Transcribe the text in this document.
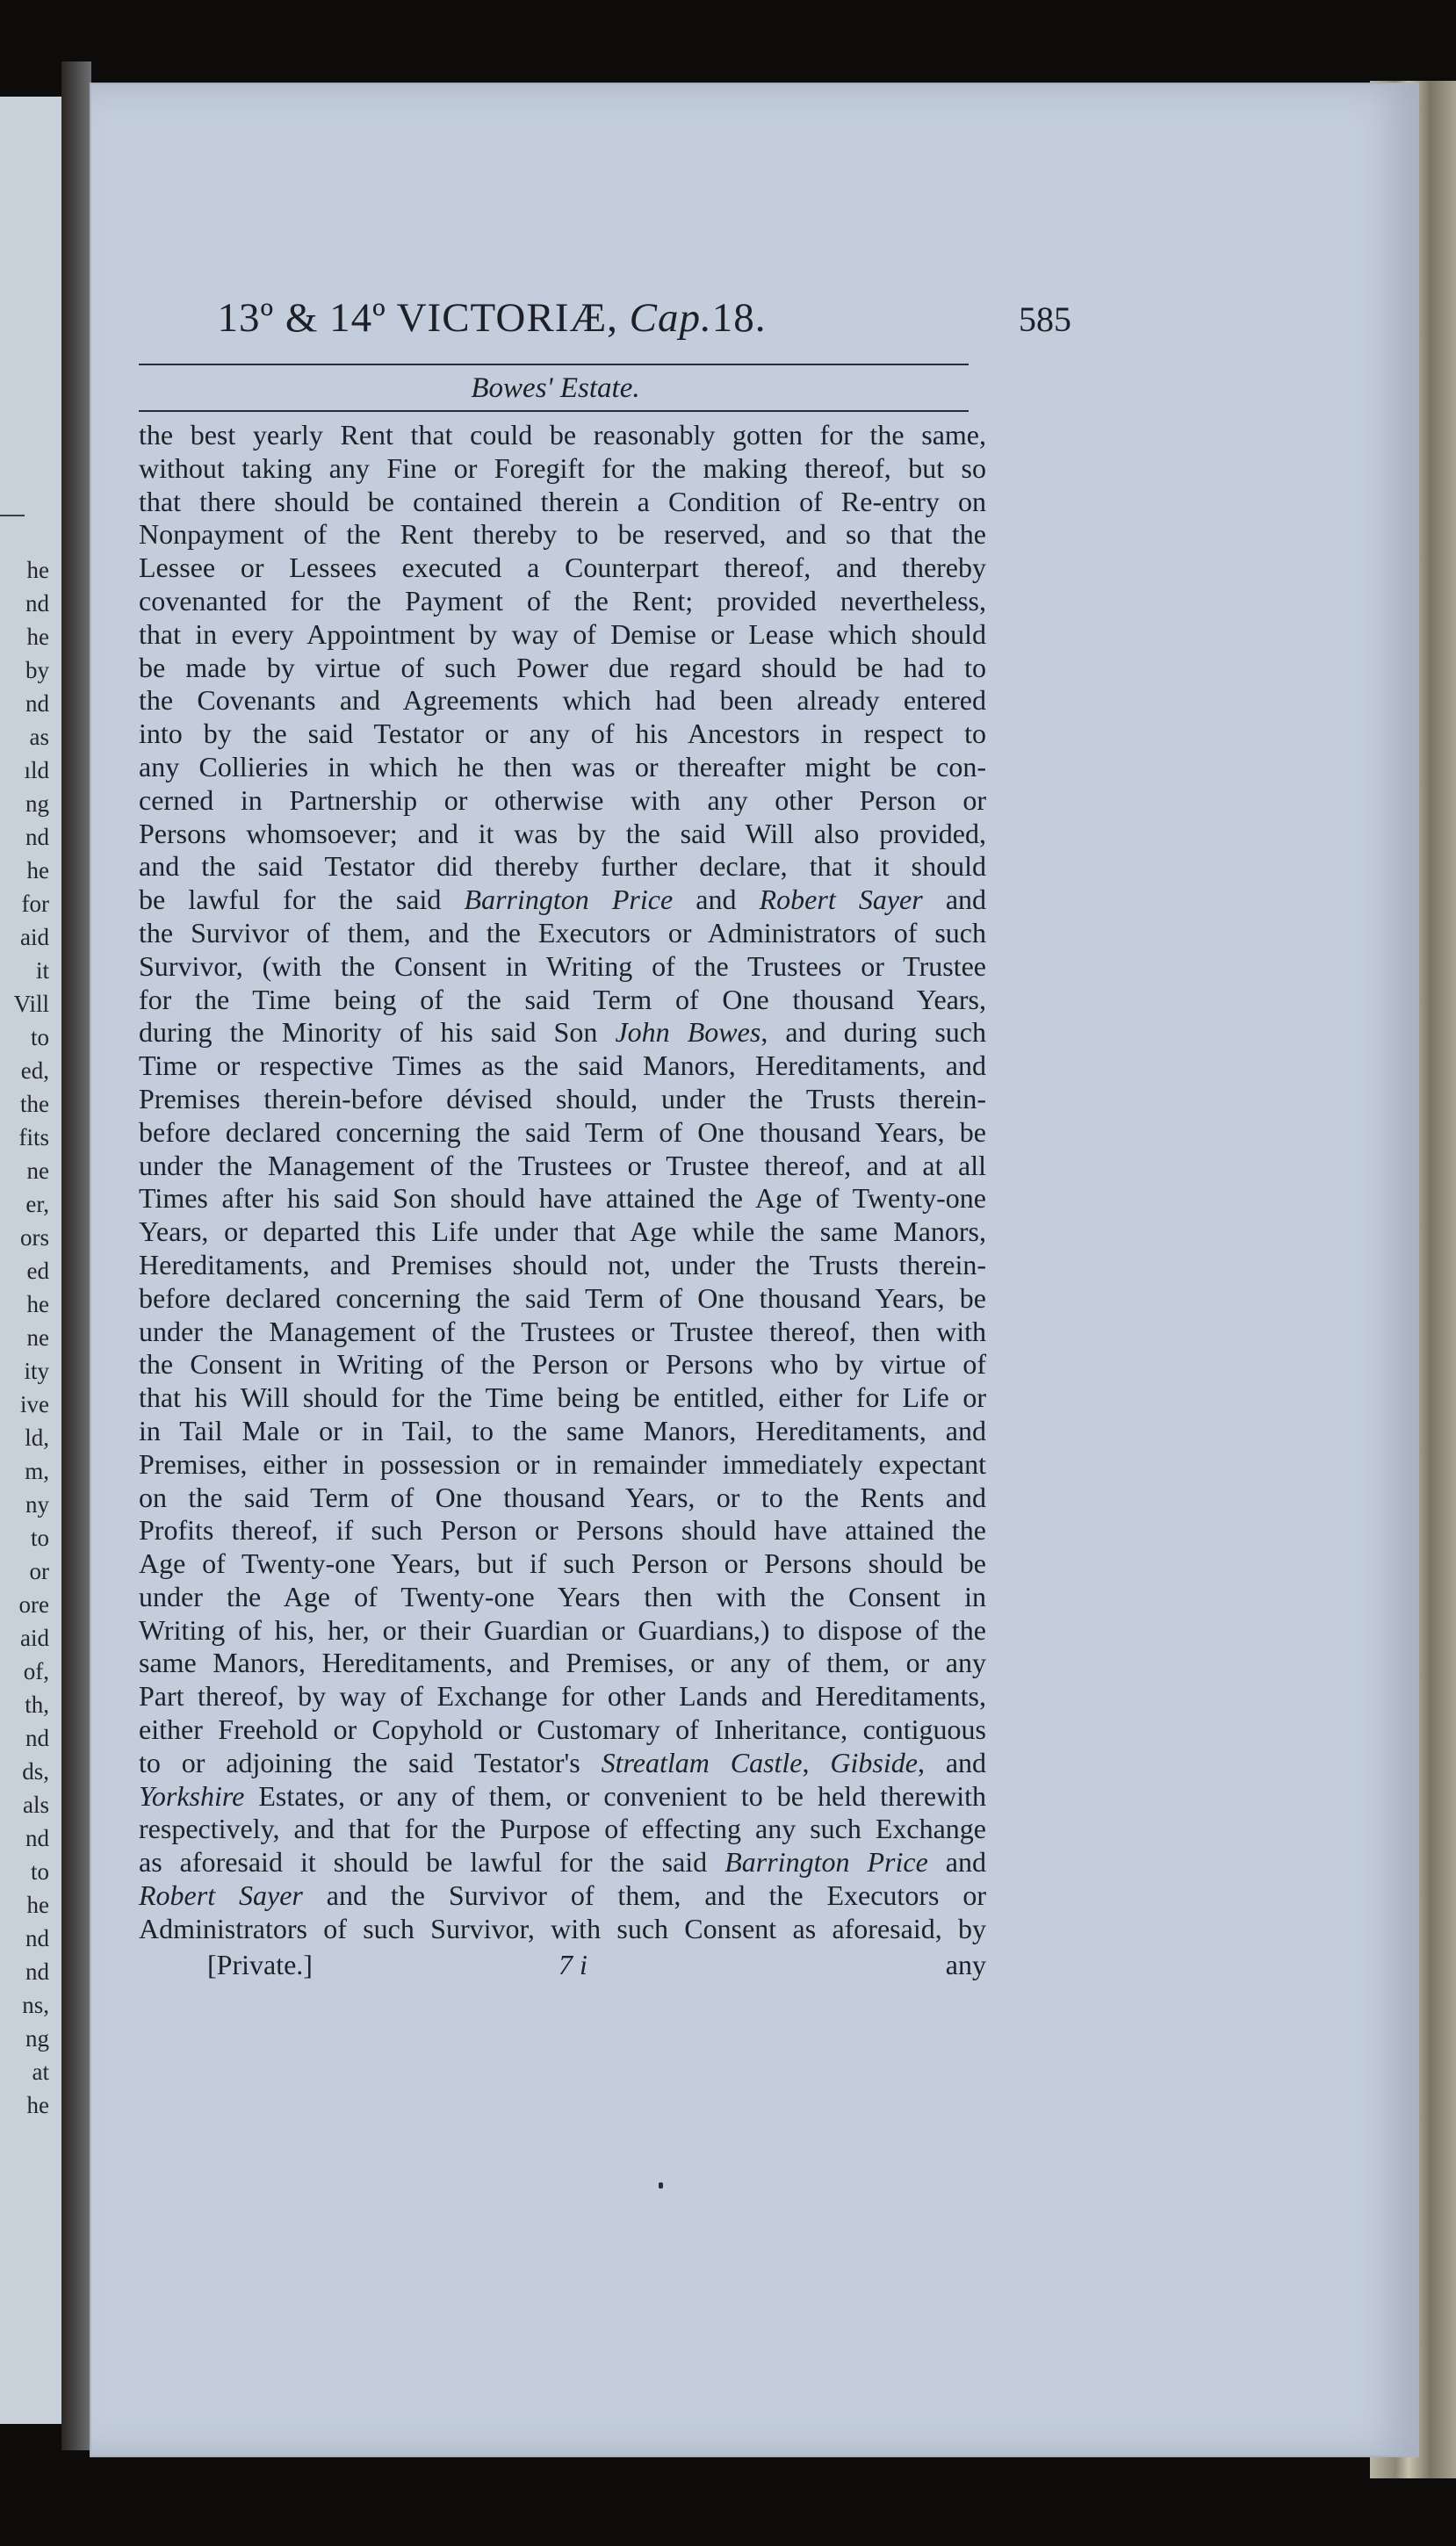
he
nd
he
by
nd
as
ıld
ng
nd
he
for
aid
it
Vill
to
ed,
the
fits
ne
er,
ors
ed
he
ne
ity
ive
ld,
m,
ny
to
or
ore
aid
of,
th,
nd
ds,
als
nd
to
he
nd
nd
ns,
ng
at
he
13º & 14º VICTORIÆ, Cap.18.	585
Bowes' Estate.
the best yearly Rent that could be reasonably gotten for the same,
without taking any Fine or Foregift for the making thereof, but so
that there should be contained therein a Condition of Re-entry on
Nonpayment of the Rent thereby to be reserved, and so that the
Lessee or Lessees executed a Counterpart thereof, and thereby
covenanted for the Payment of the Rent; provided nevertheless,
that in every Appointment by way of Demise or Lease which should
be made by virtue of such Power due regard should be had to
the Covenants and Agreements which had been already entered
into by the said Testator or any of his Ancestors in respect to
any Collieries in which he then was or thereafter might be con-
cerned in Partnership or otherwise with any other Person or
Persons whomsoever; and it was by the said Will also provided,
and the said Testator did thereby further declare, that it should
be lawful for the said Barrington Price and Robert Sayer and
the Survivor of them, and the Executors or Administrators of such
Survivor, (with the Consent in Writing of the Trustees or Trustee
for the Time being of the said Term of One thousand Years,
during the Minority of his said Son John Bowes, and during such
Time or respective Times as the said Manors, Hereditaments, and
Premises therein-before dévised should, under the Trusts therein-
before declared concerning the said Term of One thousand Years, be
under the Management of the Trustees or Trustee thereof, and at all
Times after his said Son should have attained the Age of Twenty-one
Years, or departed this Life under that Age while the same Manors,
Hereditaments, and Premises should not, under the Trusts therein-
before declared concerning the said Term of One thousand Years, be
under the Management of the Trustees or Trustee thereof, then with
the Consent in Writing of the Person or Persons who by virtue of
that his Will should for the Time being be entitled, either for Life or
in Tail Male or in Tail, to the same Manors, Hereditaments, and
Premises, either in possession or in remainder immediately expectant
on the said Term of One thousand Years, or to the Rents and
Profits thereof, if such Person or Persons should have attained the
Age of Twenty-one Years, but if such Person or Persons should be
under the Age of Twenty-one Years then with the Consent in
Writing of his, her, or their Guardian or Guardians,) to dispose of the
same Manors, Hereditaments, and Premises, or any of them, or any
Part thereof, by way of Exchange for other Lands and Hereditaments,
either Freehold or Copyhold or Customary of Inheritance, contiguous
to or adjoining the said Testator's Streatlam Castle, Gibside, and
Yorkshire Estates, or any of them, or convenient to be held therewith
respectively, and that for the Purpose of effecting any such Exchange
as aforesaid it should be lawful for the said Barrington Price and
Robert Sayer and the Survivor of them, and the Executors or
Administrators of such Survivor, with such Consent as aforesaid, by
[Private.]	7 i	any
